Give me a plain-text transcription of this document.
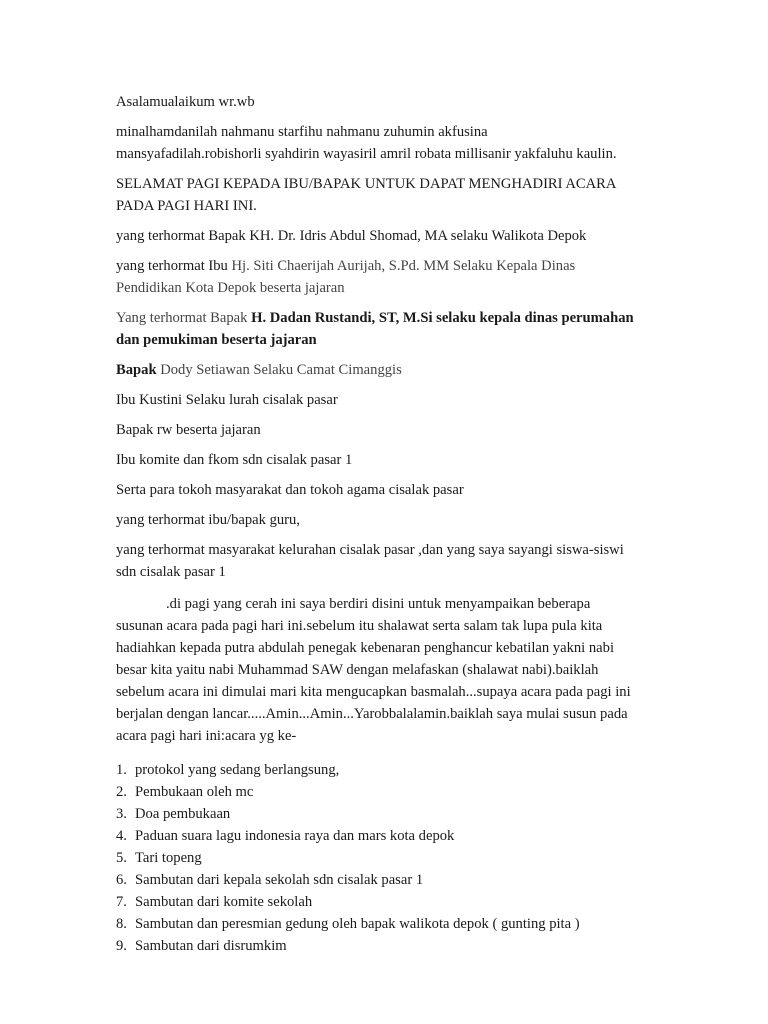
Asalamualaikum wr.wb

minalhamdanilah nahmanu starfihu nahmanu zuhumin akfusina mansyafadilah.robishorli syahdirin wayasiril amril robata millisanir yakfaluhu kaulin.

SELAMAT PAGI KEPADA IBU/BAPAK UNTUK DAPAT MENGHADIRI ACARA PADA PAGI HARI INI.

yang terhormat Bapak KH. Dr. Idris Abdul Shomad, MA selaku Walikota Depok

yang terhormat Ibu Hj. Siti Chaerijah Aurijah, S.Pd. MM Selaku Kepala Dinas Pendidikan Kota Depok beserta jajaran

Yang terhormat Bapak H. Dadan Rustandi, ST, M.Si selaku kepala dinas perumahan dan pemukiman beserta jajaran

Bapak Dody Setiawan Selaku Camat Cimanggis

Ibu Kustini Selaku lurah cisalak pasar

Bapak rw beserta jajaran

Ibu komite dan fkom sdn cisalak pasar 1

Serta para tokoh masyarakat dan tokoh agama cisalak pasar

yang terhormat ibu/bapak guru,

yang terhormat masyarakat kelurahan cisalak pasar ,dan yang saya sayangi siswa-siswi sdn cisalak pasar 1

.di pagi yang cerah ini saya berdiri disini untuk menyampaikan beberapa susunan acara pada pagi hari ini.sebelum itu shalawat serta salam tak lupa pula kita hadiahkan kepada putra abdulah penegak kebenaran penghancur kebatilan yakni nabi besar kita yaitu nabi Muhammad SAW dengan melafaskan (shalawat nabi).baiklah sebelum acara ini dimulai mari kita mengucapkan basmalah...supaya acara pada pagi ini berjalan dengan lancar.....Amin...Amin...Yarobbalalamin.baiklah saya mulai susun pada acara pagi hari ini:acara yg ke-

1. protokol yang sedang berlangsung,
2. Pembukaan oleh mc
3. Doa pembukaan
4. Paduan suara lagu indonesia raya dan mars kota depok
5. Tari topeng
6. Sambutan dari kepala sekolah sdn cisalak pasar 1
7. Sambutan dari komite sekolah
8. Sambutan dan peresmian gedung oleh bapak walikota depok ( gunting pita )
9. Sambutan dari disrumkim
